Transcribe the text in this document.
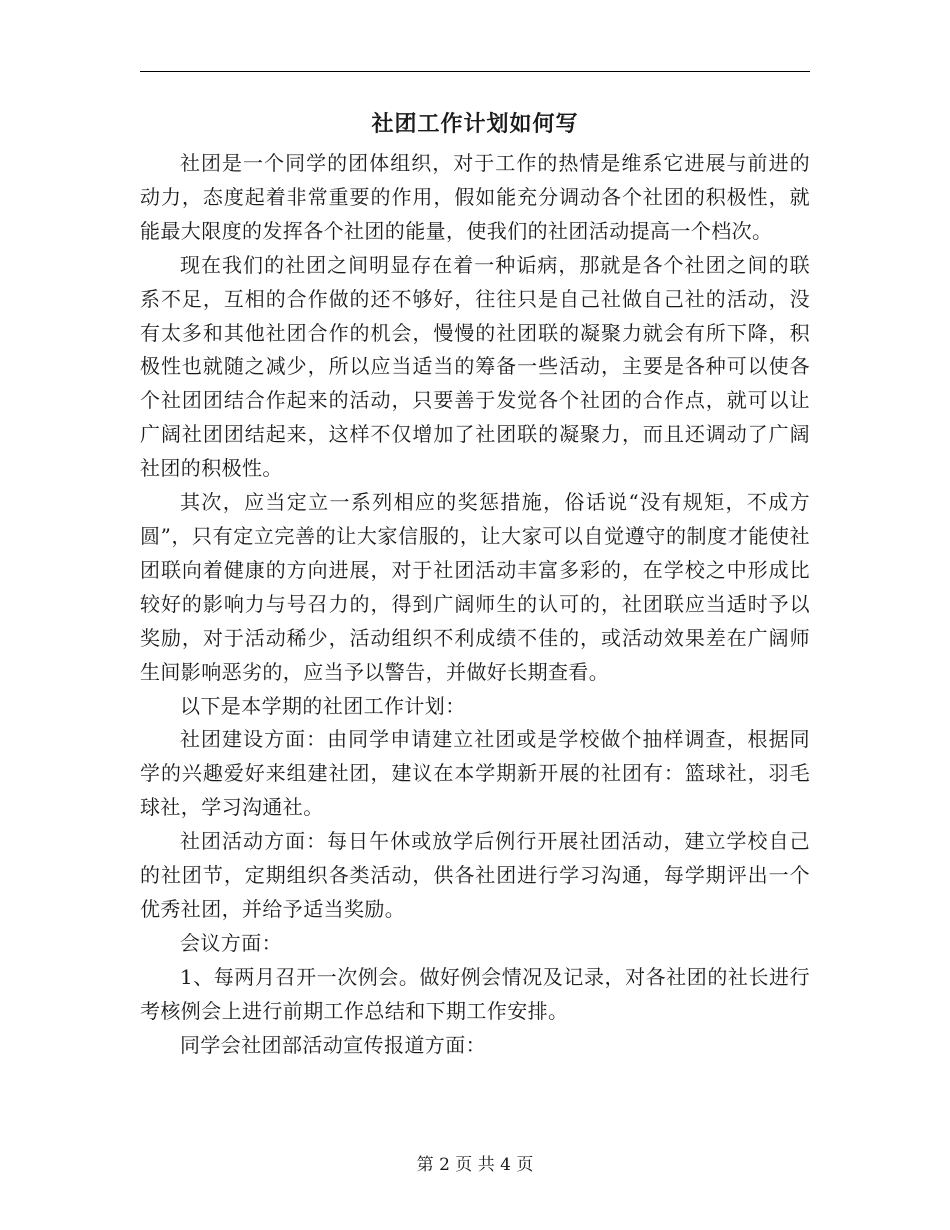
社团工作计划如何写

社团是一个同学的团体组织，对于工作的热情是维系它进展与前进的动力，态度起着非常重要的作用，假如能充分调动各个社团的积极性，就能最大限度的发挥各个社团的能量，使我们的社团活动提高一个档次。

现在我们的社团之间明显存在着一种诟病，那就是各个社团之间的联系不足，互相的合作做的还不够好，往往只是自己社做自己社的活动，没有太多和其他社团合作的机会，慢慢的社团联的凝聚力就会有所下降，积极性也就随之减少，所以应当适当的筹备一些活动，主要是各种可以使各个社团团结合作起来的活动，只要善于发觉各个社团的合作点，就可以让广阔社团团结起来，这样不仅增加了社团联的凝聚力，而且还调动了广阔社团的积极性。

其次，应当定立一系列相应的奖惩措施，俗话说“没有规矩，不成方圆”，只有定立完善的让大家信服的，让大家可以自觉遵守的制度才能使社团联向着健康的方向进展，对于社团活动丰富多彩的，在学校之中形成比较好的影响力与号召力的，得到广阔师生的认可的，社团联应当适时予以奖励，对于活动稀少，活动组织不利成绩不佳的，或活动效果差在广阔师生间影响恶劣的，应当予以警告，并做好长期查看。

以下是本学期的社团工作计划：

社团建设方面：由同学申请建立社团或是学校做个抽样调查，根据同学的兴趣爱好来组建社团，建议在本学期新开展的社团有：篮球社，羽毛球社，学习沟通社。

社团活动方面：每日午休或放学后例行开展社团活动，建立学校自己的社团节，定期组织各类活动，供各社团进行学习沟通，每学期评出一个优秀社团，并给予适当奖励。

会议方面：

1、每两月召开一次例会。做好例会情况及记录，对各社团的社长进行考核例会上进行前期工作总结和下期工作安排。

同学会社团部活动宣传报道方面：

第 2 页 共 4 页
